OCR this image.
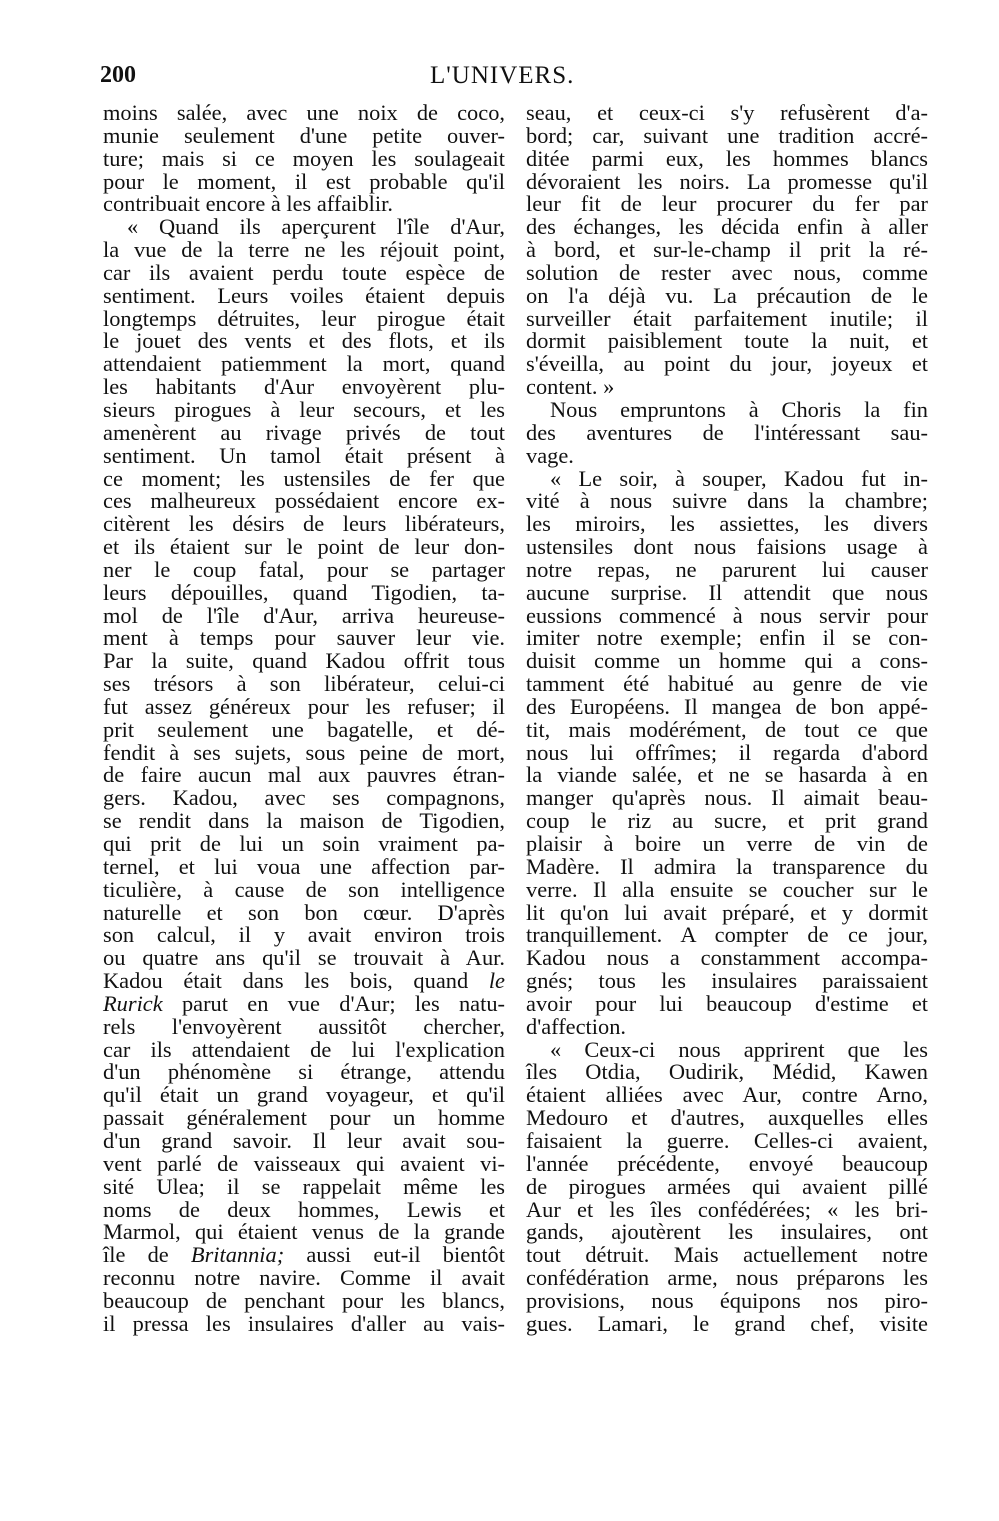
200	L'UNIVERS.
moins salée, avec une noix de coco,
munie seulement d'une petite ouver-
ture; mais si ce moyen les soulageait
pour le moment, il est probable qu'il
contribuait encore à les affaiblir.
« Quand ils aperçurent l'île d'Aur,
la vue de la terre ne les réjouit point,
car ils avaient perdu toute espèce de
sentiment. Leurs voiles étaient depuis
longtemps détruites, leur pirogue était
le jouet des vents et des flots, et ils
attendaient patiemment la mort, quand
les habitants d'Aur envoyèrent plu-
sieurs pirogues à leur secours, et les
amenèrent au rivage privés de tout
sentiment. Un tamol était présent à
ce moment; les ustensiles de fer que
ces malheureux possédaient encore ex-
citèrent les désirs de leurs libérateurs,
et ils étaient sur le point de leur don-
ner le coup fatal, pour se partager
leurs dépouilles, quand Tigodien, ta-
mol de l'île d'Aur, arriva heureuse-
ment à temps pour sauver leur vie.
Par la suite, quand Kadou offrit tous
ses trésors à son libérateur, celui-ci
fut assez généreux pour les refuser; il
prit seulement une bagatelle, et dé-
fendit à ses sujets, sous peine de mort,
de faire aucun mal aux pauvres étran-
gers. Kadou, avec ses compagnons,
se rendit dans la maison de Tigodien,
qui prit de lui un soin vraiment pa-
ternel, et lui voua une affection par-
ticulière, à cause de son intelligence
naturelle et son bon cœur. D'après
son calcul, il y avait environ trois
ou quatre ans qu'il se trouvait à Aur.
Kadou était dans les bois, quand le
Rurick parut en vue d'Aur; les natu-
rels l'envoyèrent aussitôt chercher,
car ils attendaient de lui l'explication
d'un phénomène si étrange, attendu
qu'il était un grand voyageur, et qu'il
passait généralement pour un homme
d'un grand savoir. Il leur avait sou-
vent parlé de vaisseaux qui avaient vi-
sité Ulea; il se rappelait même les
noms de deux hommes, Lewis et
Marmol, qui étaient venus de la grande
île de Britannia; aussi eut-il bientôt
reconnu notre navire. Comme il avait
beaucoup de penchant pour les blancs,
il pressa les insulaires d'aller au vais-
seau, et ceux-ci s'y refusèrent d'a-
bord; car, suivant une tradition accré-
ditée parmi eux, les hommes blancs
dévoraient les noirs. La promesse qu'il
leur fit de leur procurer du fer par
des échanges, les décida enfin à aller
à bord, et sur-le-champ il prit la ré-
solution de rester avec nous, comme
on l'a déjà vu. La précaution de le
surveiller était parfaitement inutile; il
dormit paisiblement toute la nuit, et
s'éveilla, au point du jour, joyeux et
content. »
Nous empruntons à Choris la fin
des aventures de l'intéressant sau-
vage.
« Le soir, à souper, Kadou fut in-
vité à nous suivre dans la chambre;
les miroirs, les assiettes, les divers
ustensiles dont nous faisions usage à
notre repas, ne parurent lui causer
aucune surprise. Il attendit que nous
eussions commencé à nous servir pour
imiter notre exemple; enfin il se con-
duisit comme un homme qui a cons-
tamment été habitué au genre de vie
des Européens. Il mangea de bon appé-
tit, mais modérément, de tout ce que
nous lui offrîmes; il regarda d'abord
la viande salée, et ne se hasarda à en
manger qu'après nous. Il aimait beau-
coup le riz au sucre, et prit grand
plaisir à boire un verre de vin de
Madère. Il admira la transparence du
verre. Il alla ensuite se coucher sur le
lit qu'on lui avait préparé, et y dormit
tranquillement. A compter de ce jour,
Kadou nous a constamment accompa-
gnés; tous les insulaires paraissaient
avoir pour lui beaucoup d'estime et
d'affection.
« Ceux-ci nous apprirent que les
îles Otdia, Oudirik, Médid, Kawen
étaient alliées avec Aur, contre Arno,
Medouro et d'autres, auxquelles elles
faisaient la guerre. Celles-ci avaient,
l'année précédente, envoyé beaucoup
de pirogues armées qui avaient pillé
Aur et les îles confédérées; « les bri-
gands, ajoutèrent les insulaires, ont
tout détruit. Mais actuellement notre
confédération arme, nous préparons les
provisions, nous équipons nos piro-
gues. Lamari, le grand chef, visite
